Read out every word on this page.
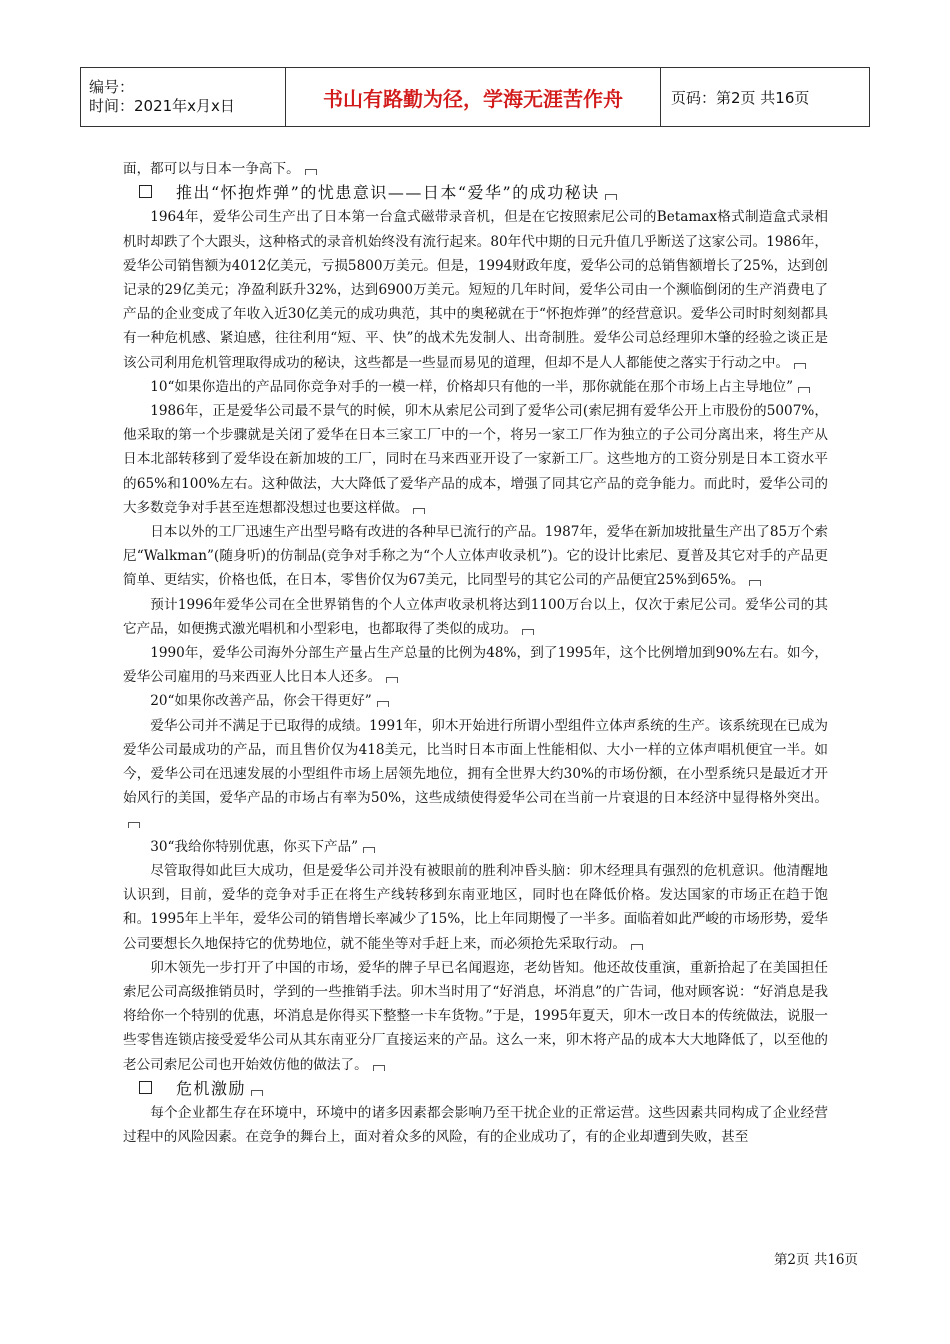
编号：
时间：2021年x月x日	书山有路勤为径，学海无涯苦作舟	页码：第2页 共16页

面，都可以与日本一争高下。

推出“怀抱炸弹”的忧患意识——日本“爱华”的成功秘诀

1964年，爱华公司生产出了日本第一台盒式磁带录音机，但是在它按照索尼公司的Betamax格式制造盒式录相机时却跌了个大跟头，这种格式的录音机始终没有流行起来。80年代中期的日元升值几乎断送了这家公司。1986年，爱华公司销售额为4012亿美元，亏损5800万美元。但是，1994财政年度，爱华公司的总销售额增长了25%，达到创记录的29亿美元；净盈利跃升32%，达到6900万美元。短短的几年时间，爱华公司由一个濒临倒闭的生产消费电了产品的企业变成了年收入近30亿美元的成功典范，其中的奥秘就在于“怀抱炸弹”的经营意识。爱华公司时时刻刻都具有一种危机感、紧迫感，往往利用“短、平、快”的战术先发制人、出奇制胜。爱华公司总经理卯木肇的经验之谈正是该公司利用危机管理取得成功的秘诀，这些都是一些显而易见的道理，但却不是人人都能使之落实于行动之中。

10“如果你造出的产品同你竞争对手的一模一样，价格却只有他的一半，那你就能在那个市场上占主导地位”

1986年，正是爱华公司最不景气的时候，卯木从索尼公司到了爱华公司(索尼拥有爱华公开上市股份的5007%，他采取的第一个步骤就是关闭了爱华在日本三家工厂中的一个，将另一家工厂作为独立的子公司分离出来，将生产从日本北部转移到了爱华设在新加坡的工厂，同时在马来西亚开设了一家新工厂。这些地方的工资分别是日本工资水平的65%和100%左右。这种做法，大大降低了爱华产品的成本，增强了同其它产品的竞争能力。而此时，爱华公司的大多数竞争对手甚至连想都没想过也要这样做。

日本以外的工厂迅速生产出型号略有改进的各种早已流行的产品。1987年，爱华在新加坡批量生产出了85万个索尼“Walkman”(随身听)的仿制品(竞争对手称之为“个人立体声收录机”)。它的设计比索尼、夏普及其它对手的产品更简单、更结实，价格也低，在日本，零售价仅为67美元，比同型号的其它公司的产品便宜25%到65%。

预计1996年爱华公司在全世界销售的个人立体声收录机将达到1100万台以上，仅次于索尼公司。爱华公司的其它产品，如便携式激光唱机和小型彩电，也都取得了类似的成功。

1990年，爱华公司海外分部生产量占生产总量的比例为48%，到了1995年，这个比例增加到90%左右。如今，爱华公司雇用的马来西亚人比日本人还多。

20“如果你改善产品，你会干得更好”

爱华公司并不满足于已取得的成绩。1991年，卯木开始进行所谓小型组件立体声系统的生产。该系统现在已成为爱华公司最成功的产品，而且售价仅为418美元，比当时日本市面上性能相似、大小一样的立体声唱机便宜一半。如今，爱华公司在迅速发展的小型组件市场上居领先地位，拥有全世界大约30%的市场份额，在小型系统只是最近才开始风行的美国，爱华产品的市场占有率为50%，这些成绩使得爱华公司在当前一片衰退的日本经济中显得格外突出。

30“我给你特别优惠，你买下产品”

尽管取得如此巨大成功，但是爱华公司并没有被眼前的胜利冲昏头脑：卯木经理具有强烈的危机意识。他清醒地认识到，目前，爱华的竞争对手正在将生产线转移到东南亚地区，同时也在降低价格。发达国家的市场正在趋于饱和。1995年上半年，爱华公司的销售增长率减少了15%，比上年同期慢了一半多。面临着如此严峻的市场形势，爱华公司要想长久地保持它的优势地位，就不能坐等对手赶上来，而必须抢先采取行动。

卯木领先一步打开了中国的市场，爱华的牌子早已名闻遐迩，老幼皆知。他还故伎重演，重新拾起了在美国担任索尼公司高级推销员时，学到的一些推销手法。卯木当时用了“好消息，坏消息”的广告词，他对顾客说：“好消息是我将给你一个特别的优惠，坏消息是你得买下整整一卡车货物。”于是，1995年夏天，卯木一改日本的传统做法，说服一些零售连锁店接受爱华公司从其东南亚分厂直接运来的产品。这么一来，卯木将产品的成本大大地降低了，以至他的老公司索尼公司也开始效仿他的做法了。

危机激励

每个企业都生存在环境中，环境中的诸多因素都会影响乃至干扰企业的正常运营。这些因素共同构成了企业经营过程中的风险因素。在竞争的舞台上，面对着众多的风险，有的企业成功了，有的企业却遭到失败，甚至

第2页 共16页
